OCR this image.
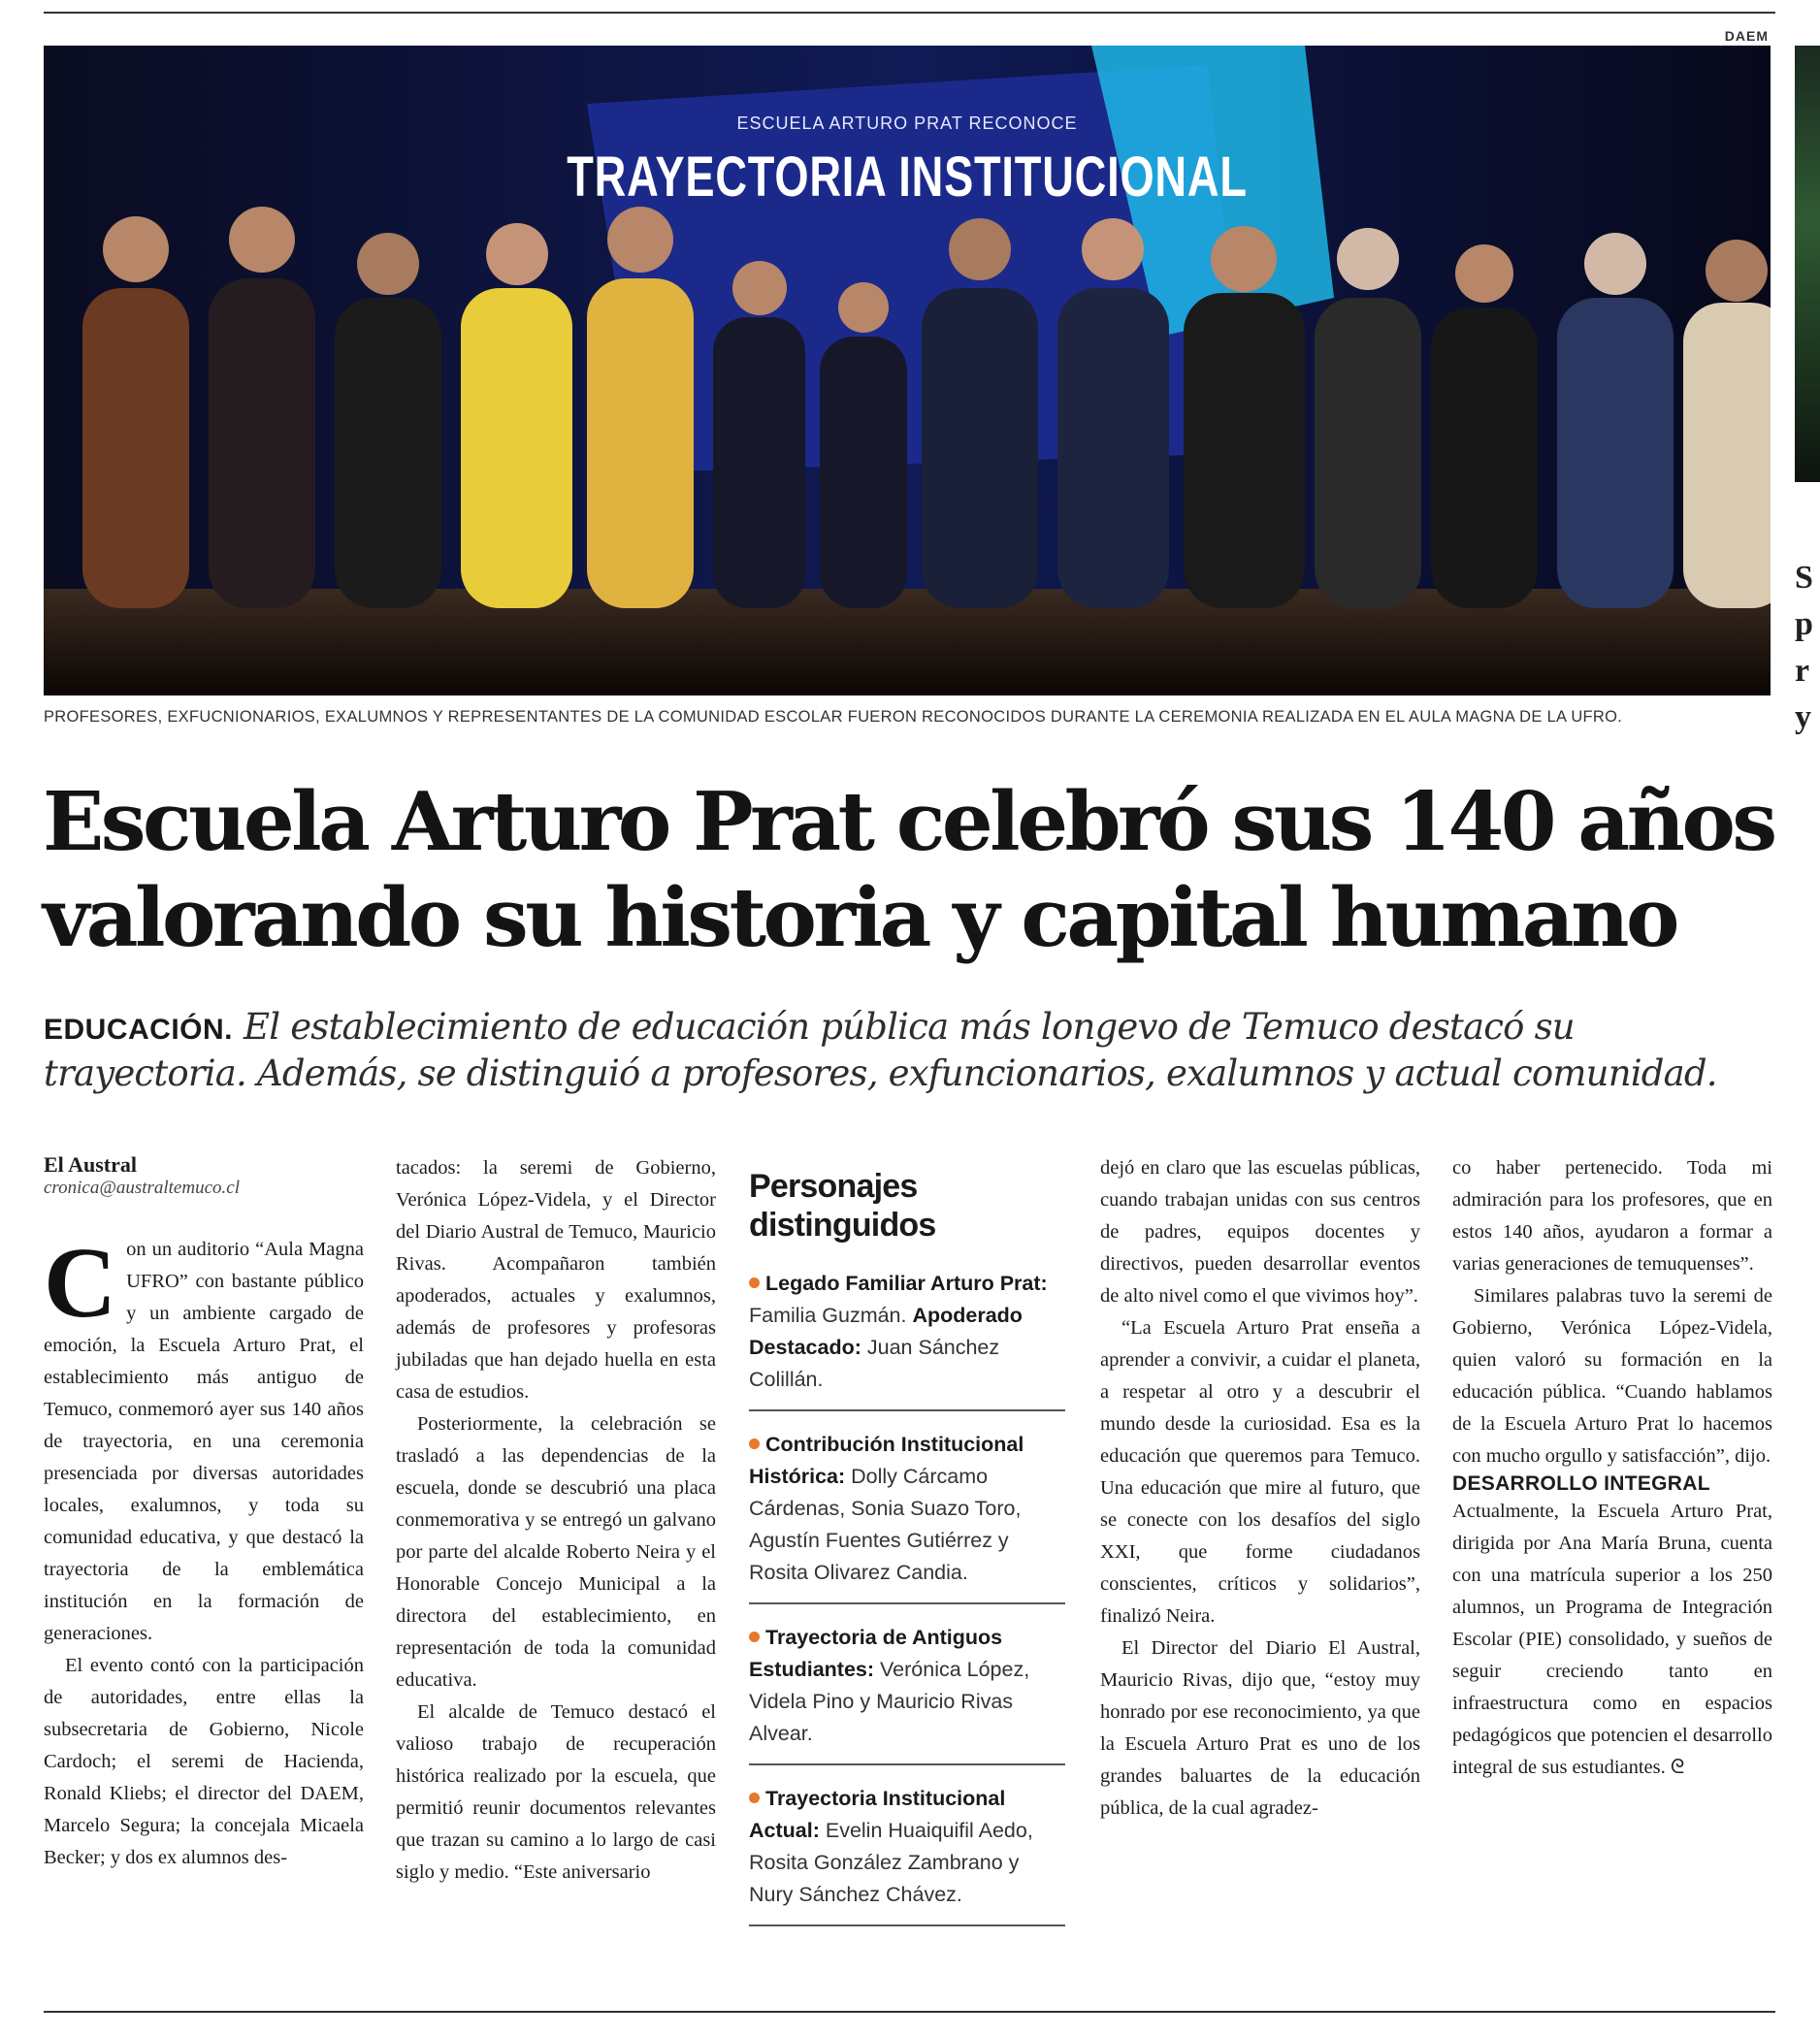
DAEM
ESCUELA ARTURO PRAT RECONOCE
TRAYECTORIA INSTITUCIONAL
PROFESORES, EXFUCNIONARIOS, EXALUMNOS Y REPRESENTANTES DE LA COMUNIDAD ESCOLAR FUERON RECONOCIDOS DURANTE LA CEREMONIA REALIZADA EN EL AULA MAGNA DE LA UFRO.
Escuela Arturo Prat celebró sus 140 años valorando su historia y capital humano

EDUCACIÓN. El establecimiento de educación pública más longevo de Temuco destacó su trayectoria. Además, se distinguió a profesores, exfuncionarios, exalumnos y actual comunidad.

El Austral
cronica@australtemuco.cl

Con un auditorio “Aula Magna UFRO” con bastante público y un ambiente cargado de emoción, la Escuela Arturo Prat, el establecimiento más antiguo de Temuco, conmemoró ayer sus 140 años de trayectoria, en una ceremonia presenciada por diversas autoridades locales, exalumnos, y toda su comunidad educativa, y que destacó la trayectoria de la emblemática institución en la formación de generaciones.

El evento contó con la participación de autoridades, entre ellas la subsecretaria de Gobierno, Nicole Cardoch; el seremi de Hacienda, Ronald Kliebs; el director del DAEM, Marcelo Segura; la concejala Micaela Becker; y dos ex alumnos des-

tacados: la seremi de Gobierno, Verónica López-Videla, y el Director del Diario Austral de Temuco, Mauricio Rivas. Acompañaron también apoderados, actuales y exalumnos, además de profesores y profesoras jubiladas que han dejado huella en esta casa de estudios.

Posteriormente, la celebración se trasladó a las dependencias de la escuela, donde se descubrió una placa conmemorativa y se entregó un galvano por parte del alcalde Roberto Neira y el Honorable Concejo Municipal a la directora del establecimiento, en representación de toda la comunidad educativa.

El alcalde de Temuco destacó el valioso trabajo de recuperación histórica realizado por la escuela, que permitió reunir documentos relevantes que trazan su camino a lo largo de casi siglo y medio. “Este aniversario

Personajes distinguidos
Legado Familiar Arturo Prat: Familia Guzmán. Apoderado Destacado: Juan Sánchez Colillán.
Contribución Institucional Histórica: Dolly Cárcamo Cárdenas, Sonia Suazo Toro, Agustín Fuentes Gutiérrez y Rosita Olivarez Candia.
Trayectoria de Antiguos Estudiantes: Verónica López, Videla Pino y Mauricio Rivas Alvear.
Trayectoria Institucional Actual: Evelin Huaiquifil Aedo, Rosita González Zambrano y Nury Sánchez Chávez.

dejó en claro que las escuelas públicas, cuando trabajan unidas con sus centros de padres, equipos docentes y directivos, pueden desarrollar eventos de alto nivel como el que vivimos hoy”.

“La Escuela Arturo Prat enseña a aprender a convivir, a cuidar el planeta, a respetar al otro y a descubrir el mundo desde la curiosidad. Esa es la educación que queremos para Temuco. Una educación que mire al futuro, que se conecte con los desafíos del siglo XXI, que forme ciudadanos conscientes, críticos y solidarios”, finalizó Neira.

El Director del Diario El Austral, Mauricio Rivas, dijo que, “estoy muy honrado por ese reconocimiento, ya que la Escuela Arturo Prat es uno de los grandes baluartes de la educación pública, de la cual agradez-

co haber pertenecido. Toda mi admiración para los profesores, que en estos 140 años, ayudaron a formar a varias generaciones de temuquenses”.

Similares palabras tuvo la seremi de Gobierno, Verónica López-Videla, quien valoró su formación en la educación pública. “Cuando hablamos de la Escuela Arturo Prat lo hacemos con mucho orgullo y satisfacción”, dijo.

DESARROLLO INTEGRAL

Actualmente, la Escuela Arturo Prat, dirigida por Ana María Bruna, cuenta con una matrícula superior a los 250 alumnos, un Programa de Integración Escolar (PIE) consolidado, y sueños de seguir creciendo tanto en infraestructura como en espacios pedagógicos que potencien el desarrollo integral de sus estudiantes. ᘓ

S
p
r
y
